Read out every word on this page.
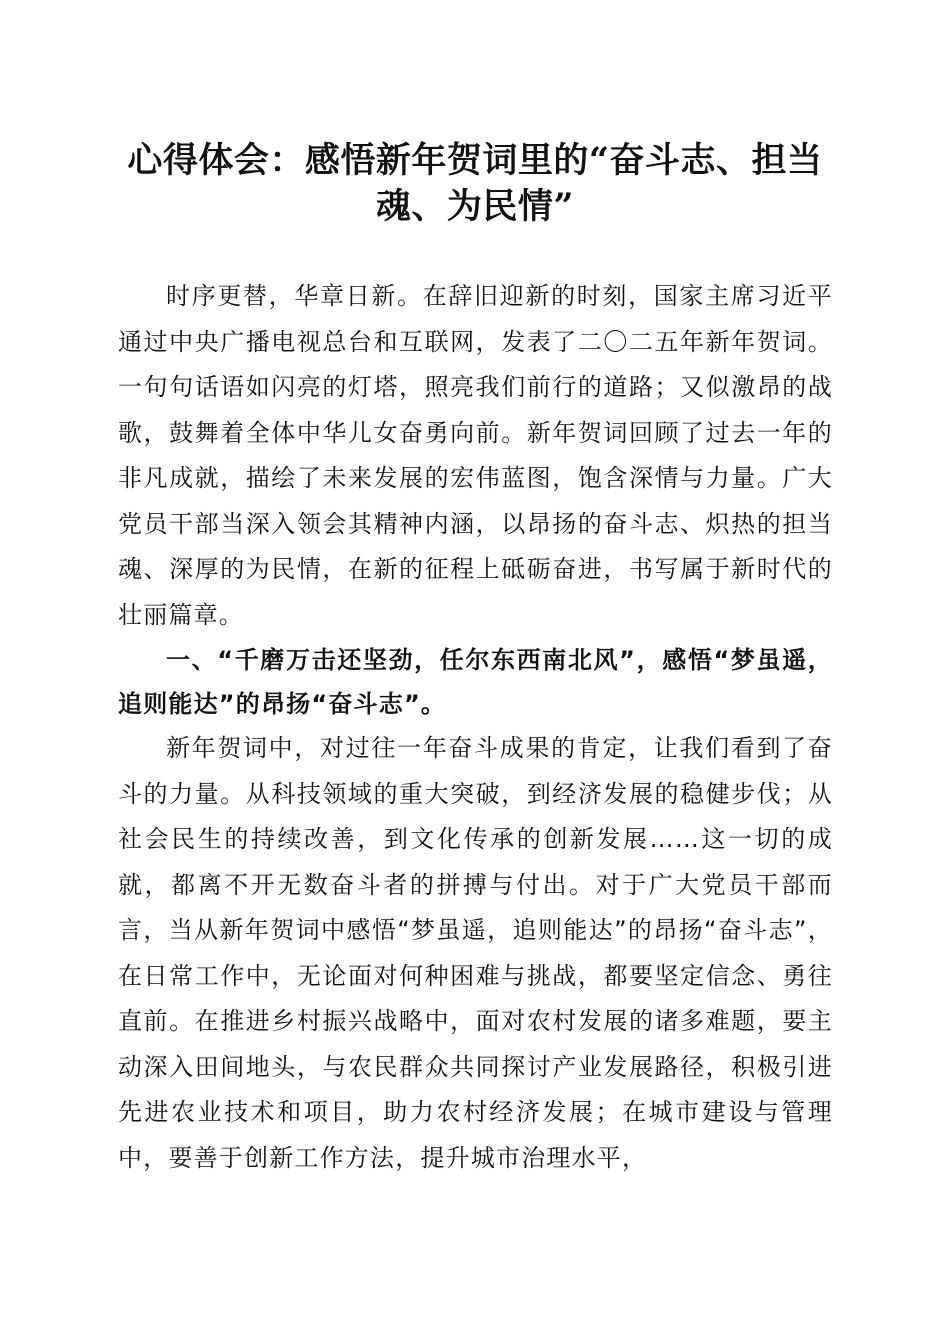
心得体会：感悟新年贺词里的“奋斗志、担当魂、为民情”

时序更替，华章日新。在辞旧迎新的时刻，国家主席习近平通过中央广播电视总台和互联网，发表了二〇二五年新年贺词。一句句话语如闪亮的灯塔，照亮我们前行的道路；又似激昂的战歌，鼓舞着全体中华儿女奋勇向前。新年贺词回顾了过去一年的非凡成就，描绘了未来发展的宏伟蓝图，饱含深情与力量。广大党员干部当深入领会其精神内涵，以昂扬的奋斗志、炽热的担当魂、深厚的为民情，在新的征程上砥砺奋进，书写属于新时代的壮丽篇章。

一、“千磨万击还坚劲，任尔东西南北风”，感悟“梦虽遥，追则能达”的昂扬“奋斗志”。

新年贺词中，对过往一年奋斗成果的肯定，让我们看到了奋斗的力量。从科技领域的重大突破，到经济发展的稳健步伐；从社会民生的持续改善，到文化传承的创新发展……这一切的成就，都离不开无数奋斗者的拼搏与付出。对于广大党员干部而言，当从新年贺词中感悟“梦虽遥，追则能达”的昂扬“奋斗志”，在日常工作中，无论面对何种困难与挑战，都要坚定信念、勇往直前。在推进乡村振兴战略中，面对农村发展的诸多难题，要主动深入田间地头，与农民群众共同探讨产业发展路径，积极引进先进农业技术和项目，助力农村经济发展；在城市建设与管理中，要善于创新工作方法，提升城市治理水平，
